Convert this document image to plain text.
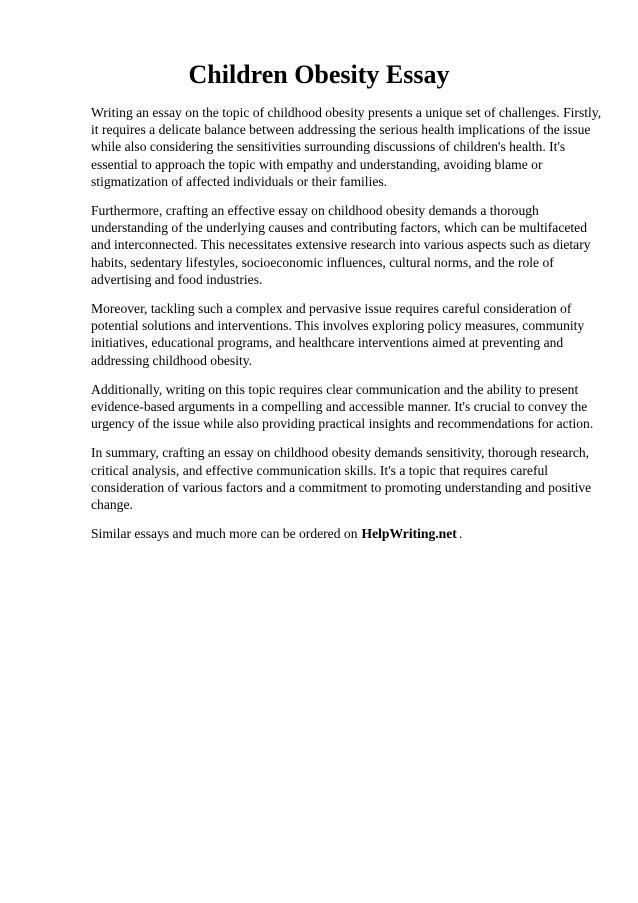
Children Obesity Essay

Writing an essay on the topic of childhood obesity presents a unique set of challenges. Firstly, it requires a delicate balance between addressing the serious health implications of the issue while also considering the sensitivities surrounding discussions of children's health. It's essential to approach the topic with empathy and understanding, avoiding blame or stigmatization of affected individuals or their families.

Furthermore, crafting an effective essay on childhood obesity demands a thorough understanding of the underlying causes and contributing factors, which can be multifaceted and interconnected. This necessitates extensive research into various aspects such as dietary habits, sedentary lifestyles, socioeconomic influences, cultural norms, and the role of advertising and food industries.

Moreover, tackling such a complex and pervasive issue requires careful consideration of potential solutions and interventions. This involves exploring policy measures, community initiatives, educational programs, and healthcare interventions aimed at preventing and addressing childhood obesity.

Additionally, writing on this topic requires clear communication and the ability to present evidence-based arguments in a compelling and accessible manner. It's crucial to convey the urgency of the issue while also providing practical insights and recommendations for action.

In summary, crafting an essay on childhood obesity demands sensitivity, thorough research, critical analysis, and effective communication skills. It's a topic that requires careful consideration of various factors and a commitment to promoting understanding and positive change.

Similar essays and much more can be ordered on HelpWriting.net .
